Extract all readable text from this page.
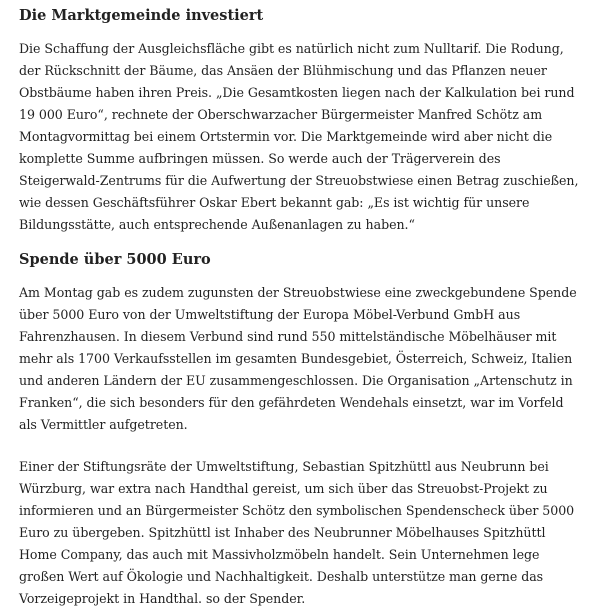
Die Marktgemeinde investiert

Die Schaffung der Ausgleichsfläche gibt es natürlich nicht zum Nulltarif. Die Rodung, der Rückschnitt der Bäume, das Ansäen der Blühmischung und das Pflanzen neuer Obstbäume haben ihren Preis. „Die Gesamtkosten liegen nach der Kalkulation bei rund 19 000 Euro“, rechnete der Oberschwarzacher Bürgermeister Manfred Schötz am Montagvormittag bei einem Ortstermin vor. Die Marktgemeinde wird aber nicht die komplette Summe aufbringen müssen. So werde auch der Trägerverein des Steigerwald-Zentrums für die Aufwertung der Streuobstwiese einen Betrag zuschießen, wie dessen Geschäftsführer Oskar Ebert bekannt gab: „Es ist wichtig für unsere Bildungsstätte, auch entsprechende Außenanlagen zu haben.“

Spende über 5000 Euro

Am Montag gab es zudem zugunsten der Streuobstwiese eine zweckgebundene Spende über 5000 Euro von der Umweltstiftung der Europa Möbel-Verbund GmbH aus Fahrenzhausen. In diesem Verbund sind rund 550 mittelständische Möbelhäuser mit mehr als 1700 Verkaufsstellen im gesamten Bundesgebiet, Österreich, Schweiz, Italien und anderen Ländern der EU zusammengeschlossen. Die Organisation „Artenschutz in Franken“, die sich besonders für den gefährdeten Wendehals einsetzt, war im Vorfeld als Vermittler aufgetreten.

Einer der Stiftungsräte der Umweltstiftung, Sebastian Spitzhüttl aus Neubrunn bei Würzburg, war extra nach Handthal gereist, um sich über das Streuobst-Projekt zu informieren und an Bürgermeister Schötz den symbolischen Spendenscheck über 5000 Euro zu übergeben. Spitzhüttl ist Inhaber des Neubrunner Möbelhauses Spitzhüttl Home Company, das auch mit Massivholzmöbeln handelt. Sein Unternehmen lege großen Wert auf Ökologie und Nachhaltigkeit. Deshalb unterstütze man gerne das Vorzeigeprojekt in Handthal. so der Spender.
